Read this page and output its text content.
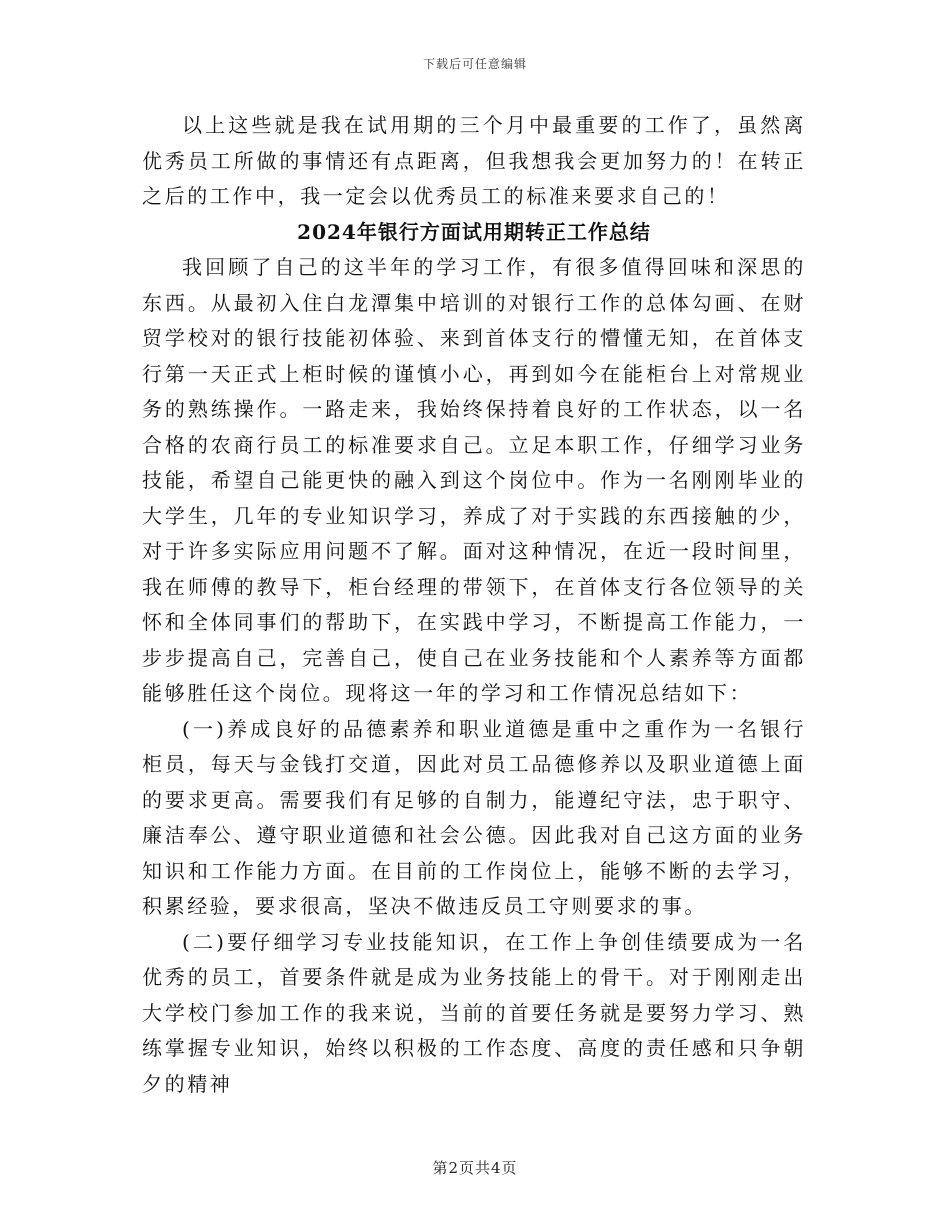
下载后可任意编辑

以上这些就是我在试用期的三个月中最重要的工作了，虽然离优秀员工所做的事情还有点距离，但我想我会更加努力的！在转正之后的工作中，我一定会以优秀员工的标准来要求自己的！

2024年银行方面试用期转正工作总结

我回顾了自己的这半年的学习工作，有很多值得回味和深思的东西。从最初入住白龙潭集中培训的对银行工作的总体勾画、在财贸学校对的银行技能初体验、来到首体支行的懵懂无知，在首体支行第一天正式上柜时候的谨慎小心，再到如今在能柜台上对常规业务的熟练操作。一路走来，我始终保持着良好的工作状态，以一名合格的农商行员工的标准要求自己。立足本职工作，仔细学习业务技能，希望自己能更快的融入到这个岗位中。作为一名刚刚毕业的大学生，几年的专业知识学习，养成了对于实践的东西接触的少，对于许多实际应用问题不了解。面对这种情况，在近一段时间里，我在师傅的教导下，柜台经理的带领下，在首体支行各位领导的关怀和全体同事们的帮助下，在实践中学习，不断提高工作能力，一步步提高自己，完善自己，使自己在业务技能和个人素养等方面都能够胜任这个岗位。现将这一年的学习和工作情况总结如下：

(一)养成良好的品德素养和职业道德是重中之重作为一名银行柜员，每天与金钱打交道，因此对员工品德修养以及职业道德上面的要求更高。需要我们有足够的自制力，能遵纪守法，忠于职守、廉洁奉公、遵守职业道德和社会公德。因此我对自己这方面的业务知识和工作能力方面。在目前的工作岗位上，能够不断的去学习，积累经验，要求很高，坚决不做违反员工守则要求的事。

(二)要仔细学习专业技能知识，在工作上争创佳绩要成为一名优秀的员工，首要条件就是成为业务技能上的骨干。对于刚刚走出大学校门参加工作的我来说，当前的首要任务就是要努力学习、熟练掌握专业知识，始终以积极的工作态度、高度的责任感和只争朝夕的精神

第2页共4页
